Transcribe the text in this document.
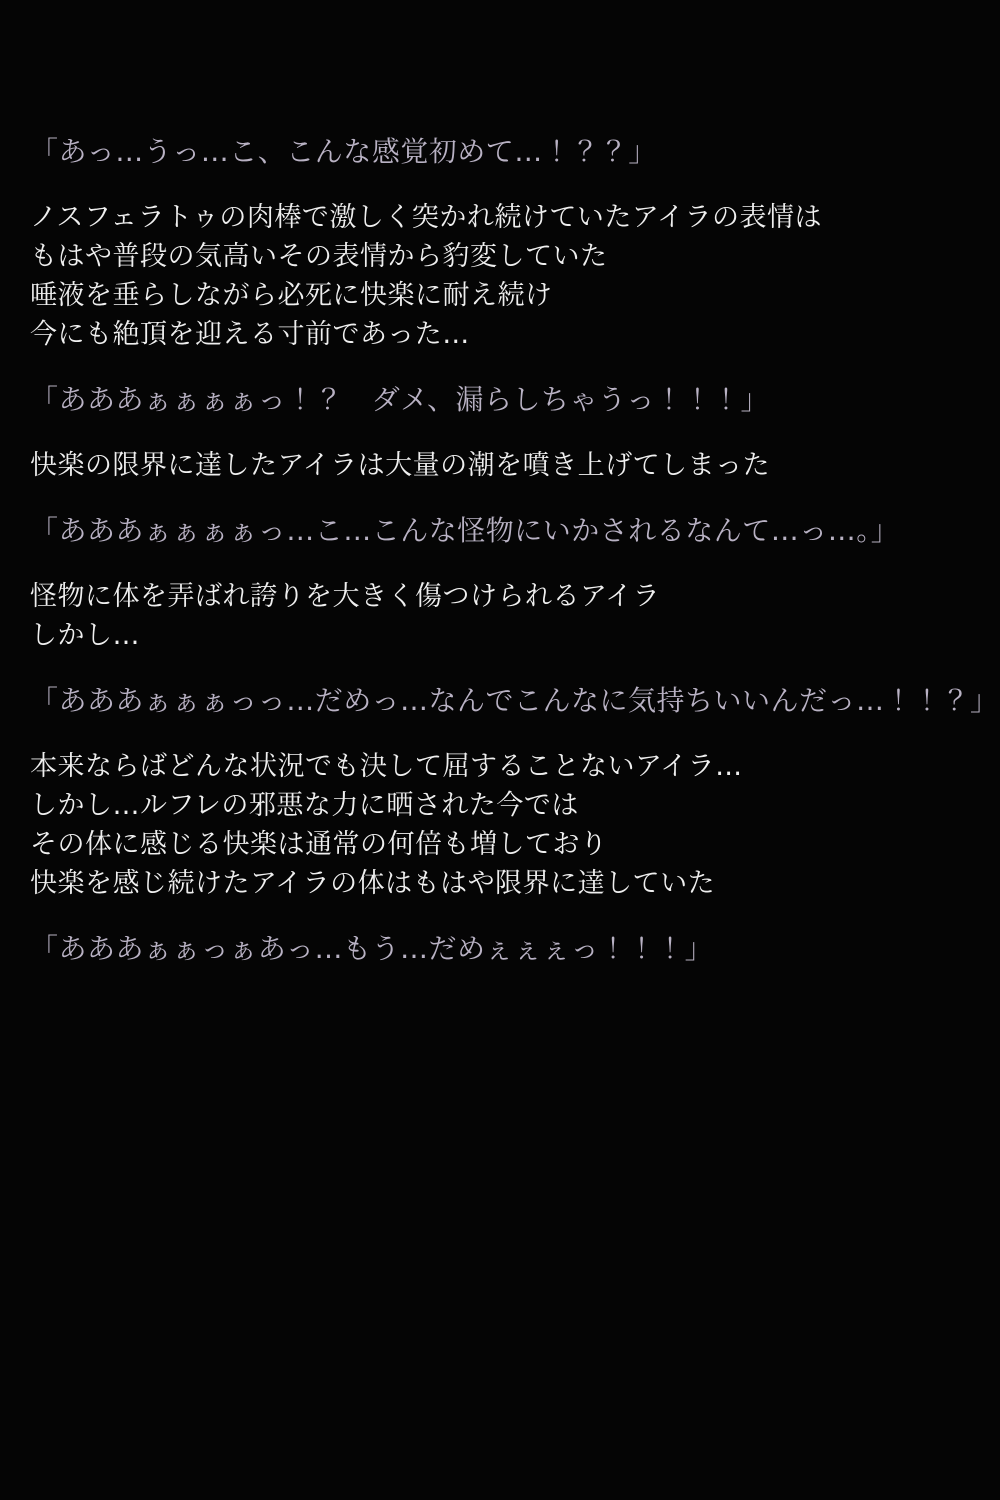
「あっ…うっ…こ、こんな感覚初めて…！？？」
ノスフェラトゥの肉棒で激しく突かれ続けていたアイラの表情は
もはや普段の気高いその表情から豹変していた
唾液を垂らしながら必死に快楽に耐え続け
今にも絶頂を迎える寸前であった…
「あああぁぁぁぁっ！？　ダメ、漏らしちゃうっ！！！」
快楽の限界に達したアイラは大量の潮を噴き上げてしまった
「あああぁぁぁぁっ…こ…こんな怪物にいかされるなんて…っ…。」
怪物に体を弄ばれ誇りを大きく傷つけられるアイラ
しかし…
「あああぁぁぁっっ…だめっ…なんでこんなに気持ちいいんだっ…！！？」
本来ならばどんな状況でも決して屈することないアイラ…
しかし…ルフレの邪悪な力に晒された今では
その体に感じる快楽は通常の何倍も増しており
快楽を感じ続けたアイラの体はもはや限界に達していた
「あああぁぁっぁあっ…もう…だめぇぇぇっ！！！」
